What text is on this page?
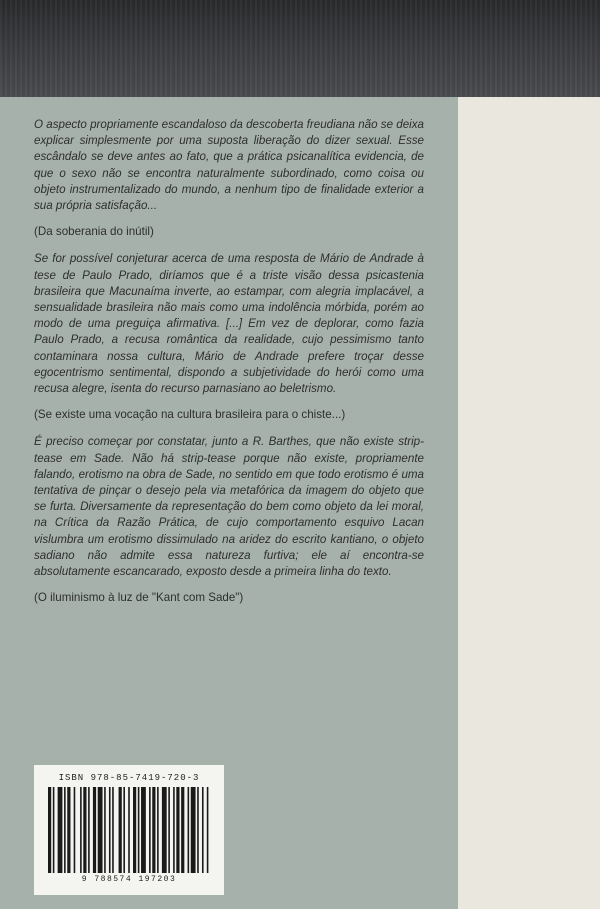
O aspecto propriamente escandaloso da descoberta freudiana não se deixa explicar simplesmente por uma suposta liberação do dizer sexual. Esse escândalo se deve antes ao fato, que a prática psicanalítica evidencia, de que o sexo não se encontra naturalmente subordinado, como coisa ou objeto instrumentalizado do mundo, a nenhum tipo de finalidade exterior a sua própria satisfação...

(Da soberania do inútil)

Se for possível conjeturar acerca de uma resposta de Mário de Andrade à tese de Paulo Prado, diríamos que é a triste visão dessa psicastenia brasileira que Macunaíma inverte, ao estampar, com alegria implacável, a sensualidade brasileira não mais como uma indolência mórbida, porém ao modo de uma preguiça afirmativa. [...] Em vez de deplorar, como fazia Paulo Prado, a recusa romântica da realidade, cujo pessimismo tanto contaminara nossa cultura, Mário de Andrade prefere troçar desse egocentrismo sentimental, dispondo a subjetividade do herói como uma recusa alegre, isenta do recurso parnasiano ao beletrismo.

(Se existe uma vocação na cultura brasileira para o chiste...)

É preciso começar por constatar, junto a R. Barthes, que não existe strip-tease em Sade. Não há strip-tease porque não existe, propriamente falando, erotismo na obra de Sade, no sentido em que todo erotismo é uma tentativa de pinçar o desejo pela via metafórica da imagem do objeto que se furta. Diversamente da representação do bem como objeto da lei moral, na Crítica da Razão Prática, de cujo comportamento esquivo Lacan vislumbra um erotismo dissimulado na aridez do escrito kantiano, o objeto sadiano não admite essa natureza furtiva; ele aí encontra-se absolutamente escancarado, exposto desde a primeira linha do texto.

(O iluminismo à luz de "Kant com Sade")

ISBN 978-85-7419-720-3
9 788574 197203
